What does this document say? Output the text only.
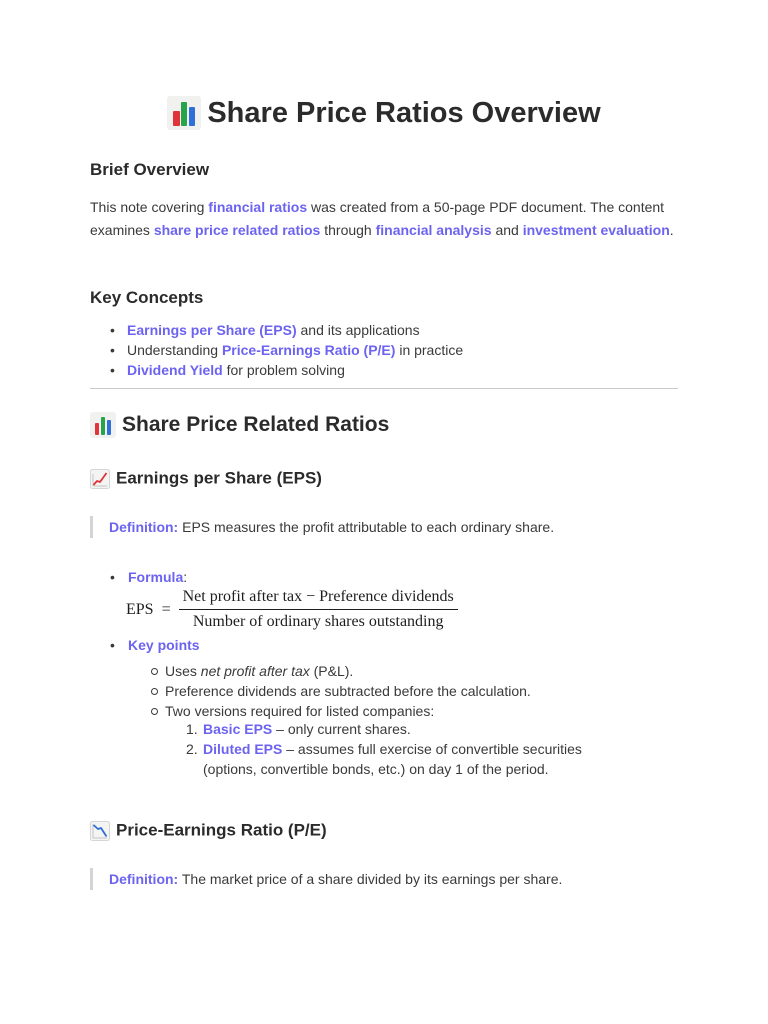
Share Price Ratios Overview
Brief Overview

This note covering financial ratios was created from a 50-page PDF document. The content examines share price related ratios through financial analysis and investment evaluation.

Key Concepts
• Earnings per Share (EPS) and its applications
• Understanding Price-Earnings Ratio (P/E) in practice
• Dividend Yield for problem solving
Share Price Related Ratios
Earnings per Share (EPS)
Definition: EPS measures the profit attributable to each ordinary share.
• Formula:
EPS = $\frac{\text{Net profit after tax − Preference dividends}}{\text{Number of ordinary shares outstanding}}$
• Key points
Uses net profit after tax (P&L).
Preference dividends are subtracted before the calculation.
Two versions required for listed companies:
1. Basic EPS – only current shares.
2. Diluted EPS – assumes full exercise of convertible securities (options, convertible bonds, etc.) on day 1 of the period.
Price-Earnings Ratio (P/E)
Definition: The market price of a share divided by its earnings per share.
